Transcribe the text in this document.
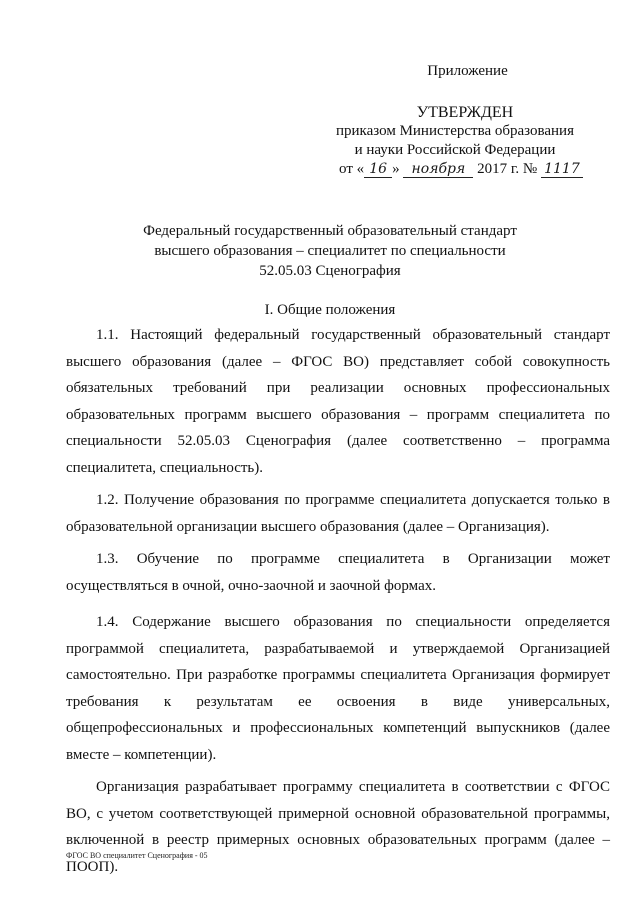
Приложение
УТВЕРЖДЕН
приказом Министерства образования
и науки Российской Федерации
от « 16 » ноября 2017 г. № 1117
Федеральный государственный образовательный стандарт
высшего образования – специалитет по специальности
52.05.03 Сценография
I. Общие положения

1.1. Настоящий федеральный государственный образовательный стандарт высшего образования (далее – ФГОС ВО) представляет собой совокупность обязательных требований при реализации основных профессиональных образовательных программ высшего образования – программ специалитета по специальности 52.05.03 Сценография (далее соответственно – программа специалитета, специальность).

1.2. Получение образования по программе специалитета допускается только в образовательной организации высшего образования (далее – Организация).

1.3. Обучение по программе специалитета в Организации может осуществляться в очной, очно-заочной и заочной формах.

1.4. Содержание высшего образования по специальности определяется программой специалитета, разрабатываемой и утверждаемой Организацией самостоятельно. При разработке программы специалитета Организация формирует требования к результатам ее освоения в виде универсальных, общепрофессиональных и профессиональных компетенций выпускников (далее вместе – компетенции).

Организация разрабатывает программу специалитета в соответствии с ФГОС ВО, с учетом соответствующей примерной основной образовательной программы, включенной в реестр примерных основных образовательных программ (далее – ПООП).

ФГОС ВО специалитет Сценография - 05
